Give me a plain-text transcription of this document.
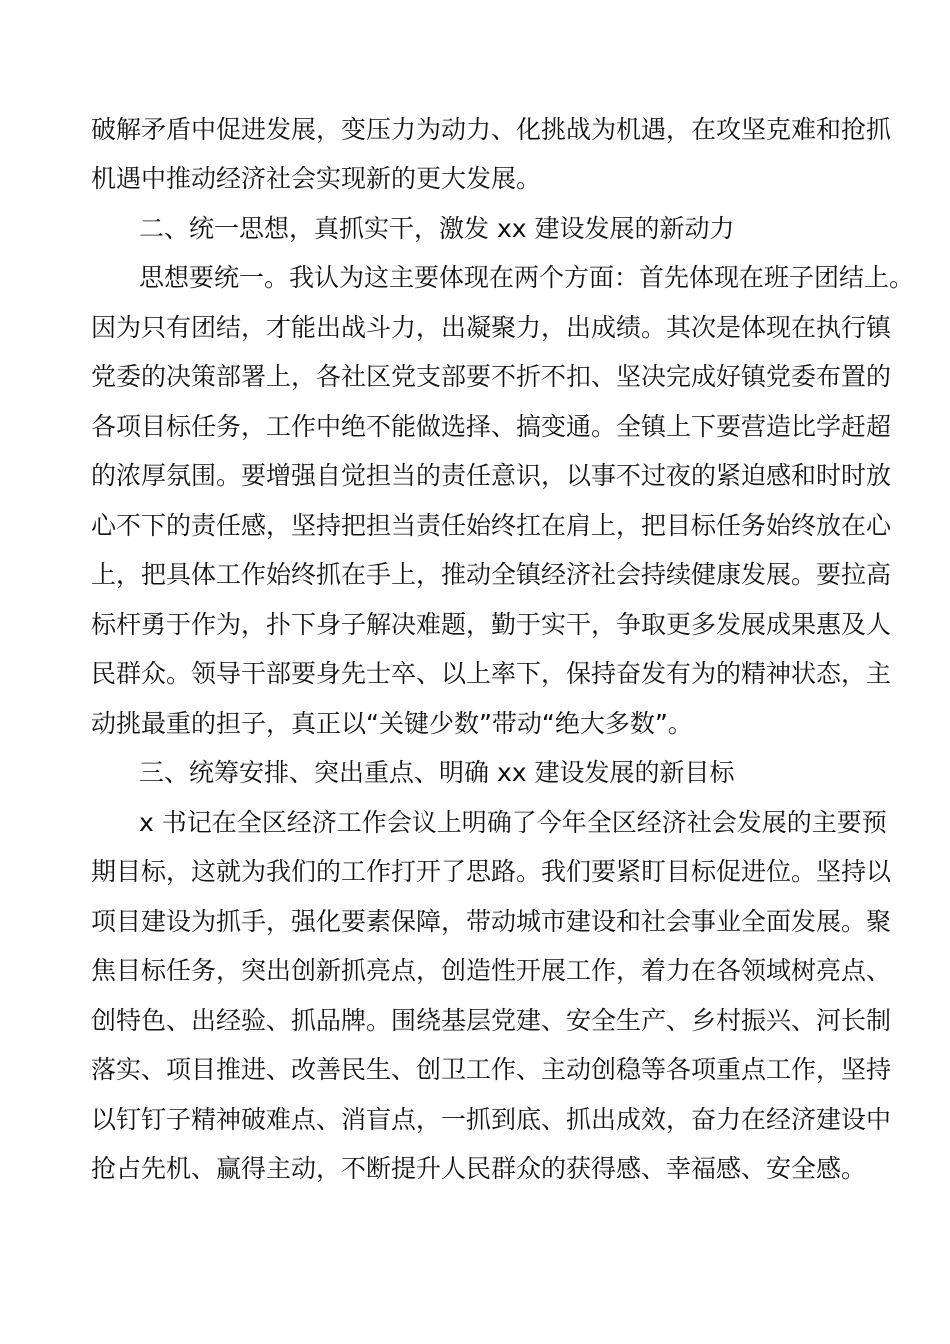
破解矛盾中促进发展，变压力为动力、化挑战为机遇，在攻坚克难和抢抓
机遇中推动经济社会实现新的更大发展。
二、统一思想，真抓实干，激发 xx 建设发展的新动力
思想要统一。我认为这主要体现在两个方面：首先体现在班子团结上。
因为只有团结，才能出战斗力，出凝聚力，出成绩。其次是体现在执行镇
党委的决策部署上，各社区党支部要不折不扣、坚决完成好镇党委布置的
各项目标任务，工作中绝不能做选择、搞变通。全镇上下要营造比学赶超
的浓厚氛围。要增强自觉担当的责任意识，以事不过夜的紧迫感和时时放
心不下的责任感，坚持把担当责任始终扛在肩上，把目标任务始终放在心
上，把具体工作始终抓在手上，推动全镇经济社会持续健康发展。要拉高
标杆勇于作为，扑下身子解决难题，勤于实干，争取更多发展成果惠及人
民群众。领导干部要身先士卒、以上率下，保持奋发有为的精神状态，主
动挑最重的担子，真正以“关键少数”带动“绝大多数”。
三、统筹安排、突出重点、明确 xx 建设发展的新目标
x 书记在全区经济工作会议上明确了今年全区经济社会发展的主要预
期目标，这就为我们的工作打开了思路。我们要紧盯目标促进位。坚持以
项目建设为抓手，强化要素保障，带动城市建设和社会事业全面发展。聚
焦目标任务，突出创新抓亮点，创造性开展工作，着力在各领域树亮点、
创特色、出经验、抓品牌。围绕基层党建、安全生产、乡村振兴、河长制
落实、项目推进、改善民生、创卫工作、主动创稳等各项重点工作，坚持
以钉钉子精神破难点、消盲点，一抓到底、抓出成效，奋力在经济建设中
抢占先机、赢得主动，不断提升人民群众的获得感、幸福感、安全感。
